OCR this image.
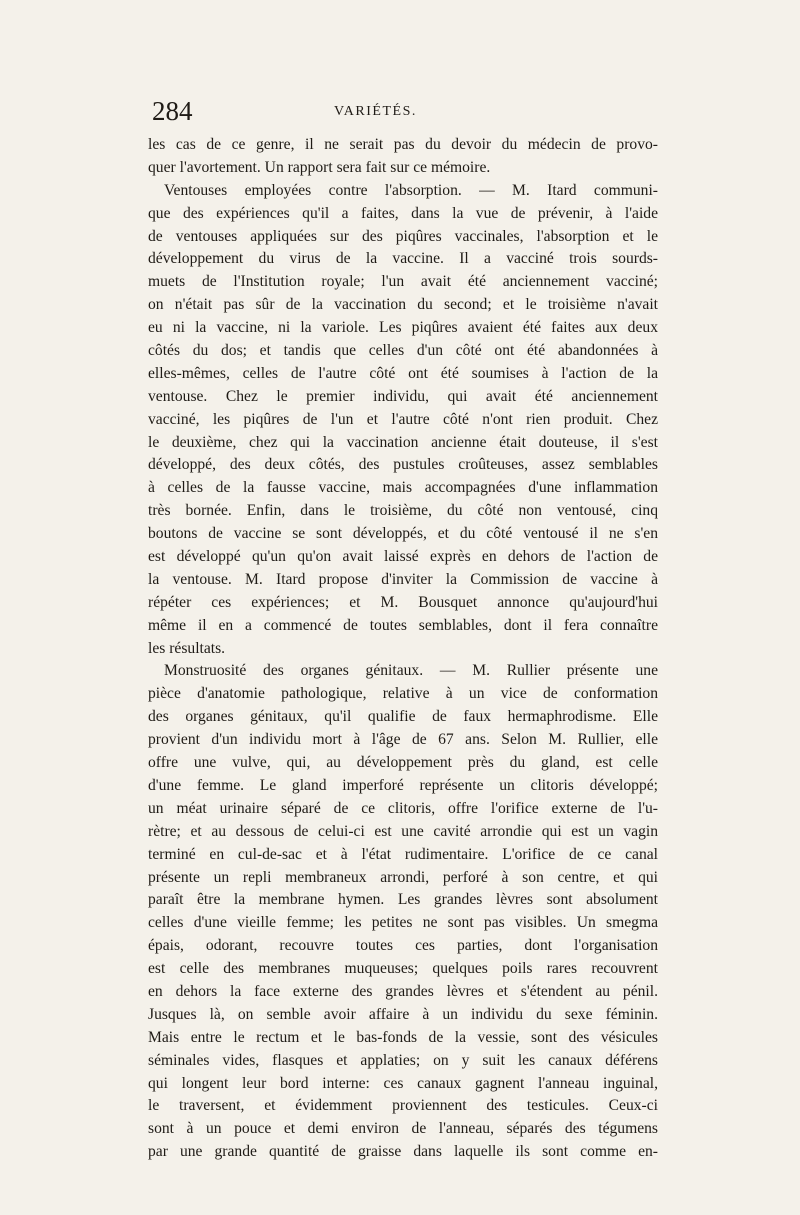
284	VARIÉTÉS.
les cas de ce genre, il ne serait pas du devoir du médecin de provo-
quer l'avortement. Un rapport sera fait sur ce mémoire.
Ventouses employées contre l'absorption. — M. Itard communi-
que des expériences qu'il a faites, dans la vue de prévenir, à l'aide
de ventouses appliquées sur des piqûres vaccinales, l'absorption et le
développement du virus de la vaccine. Il a vacciné trois sourds-
muets de l'Institution royale; l'un avait été anciennement vacciné;
on n'était pas sûr de la vaccination du second; et le troisième n'avait
eu ni la vaccine, ni la variole. Les piqûres avaient été faites aux deux
côtés du dos; et tandis que celles d'un côté ont été abandonnées à
elles-mêmes, celles de l'autre côté ont été soumises à l'action de la
ventouse. Chez le premier individu, qui avait été anciennement
vacciné, les piqûres de l'un et l'autre côté n'ont rien produit. Chez
le deuxième, chez qui la vaccination ancienne était douteuse, il s'est
développé, des deux côtés, des pustules croûteuses, assez semblables
à celles de la fausse vaccine, mais accompagnées d'une inflammation
très bornée. Enfin, dans le troisième, du côté non ventousé, cinq
boutons de vaccine se sont développés, et du côté ventousé il ne s'en
est développé qu'un qu'on avait laissé exprès en dehors de l'action de
la ventouse. M. Itard propose d'inviter la Commission de vaccine à
répéter ces expériences; et M. Bousquet annonce qu'aujourd'hui
même il en a commencé de toutes semblables, dont il fera connaître
les résultats.
Monstruosité des organes génitaux. — M. Rullier présente une
pièce d'anatomie pathologique, relative à un vice de conformation
des organes génitaux, qu'il qualifie de faux hermaphrodisme. Elle
provient d'un individu mort à l'âge de 67 ans. Selon M. Rullier, elle
offre une vulve, qui, au développement près du gland, est celle
d'une femme. Le gland imperforé représente un clitoris développé;
un méat urinaire séparé de ce clitoris, offre l'orifice externe de l'u-
rètre; et au dessous de celui-ci est une cavité arrondie qui est un vagin
terminé en cul-de-sac et à l'état rudimentaire. L'orifice de ce canal
présente un repli membraneux arrondi, perforé à son centre, et qui
paraît être la membrane hymen. Les grandes lèvres sont absolument
celles d'une vieille femme; les petites ne sont pas visibles. Un smegma
épais, odorant, recouvre toutes ces parties, dont l'organisation
est celle des membranes muqueuses; quelques poils rares recouvrent
en dehors la face externe des grandes lèvres et s'étendent au pénil.
Jusques là, on semble avoir affaire à un individu du sexe féminin.
Mais entre le rectum et le bas-fonds de la vessie, sont des vésicules
séminales vides, flasques et applaties; on y suit les canaux déférens
qui longent leur bord interne: ces canaux gagnent l'anneau inguinal,
le traversent, et évidemment proviennent des testicules. Ceux-ci
sont à un pouce et demi environ de l'anneau, séparés des tégumens
par une grande quantité de graisse dans laquelle ils sont comme en-
